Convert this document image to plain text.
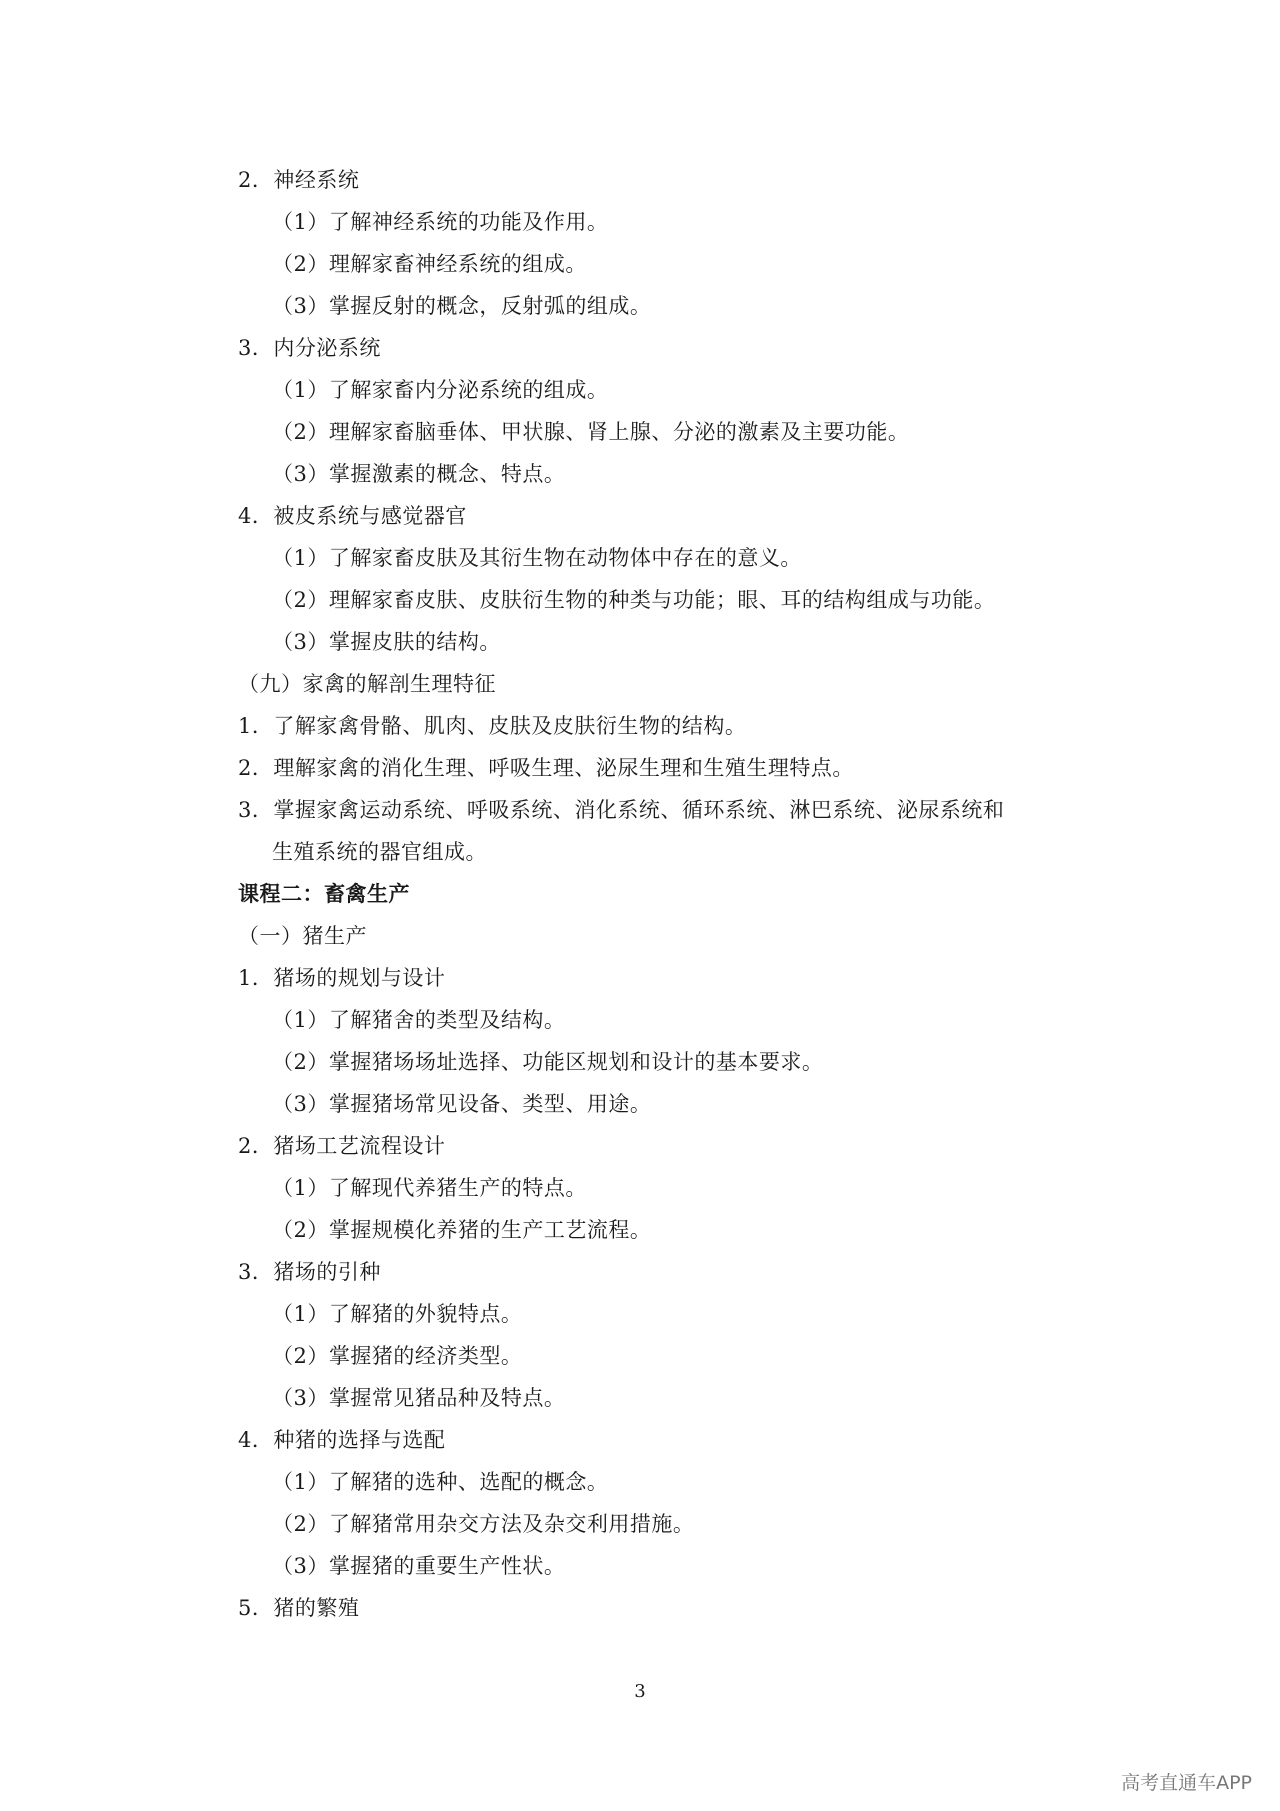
2．神经系统
（1）了解神经系统的功能及作用。
（2）理解家畜神经系统的组成。
（3）掌握反射的概念，反射弧的组成。
3．内分泌系统
（1）了解家畜内分泌系统的组成。
（2）理解家畜脑垂体、甲状腺、肾上腺、分泌的激素及主要功能。
（3）掌握激素的概念、特点。
4．被皮系统与感觉器官
（1）了解家畜皮肤及其衍生物在动物体中存在的意义。
（2）理解家畜皮肤、皮肤衍生物的种类与功能；眼、耳的结构组成与功能。
（3）掌握皮肤的结构。
（九）家禽的解剖生理特征
1．了解家禽骨骼、肌肉、皮肤及皮肤衍生物的结构。
2．理解家禽的消化生理、呼吸生理、泌尿生理和生殖生理特点。
3．掌握家禽运动系统、呼吸系统、消化系统、循环系统、淋巴系统、泌尿系统和
生殖系统的器官组成。
课程二：畜禽生产
（一）猪生产
1．猪场的规划与设计
（1）了解猪舍的类型及结构。
（2）掌握猪场场址选择、功能区规划和设计的基本要求。
（3）掌握猪场常见设备、类型、用途。
2．猪场工艺流程设计
（1）了解现代养猪生产的特点。
（2）掌握规模化养猪的生产工艺流程。
3．猪场的引种
（1）了解猪的外貌特点。
（2）掌握猪的经济类型。
（3）掌握常见猪品种及特点。
4．种猪的选择与选配
（1）了解猪的选种、选配的概念。
（2）了解猪常用杂交方法及杂交利用措施。
（3）掌握猪的重要生产性状。
5．猪的繁殖
3
高考直通车APP
